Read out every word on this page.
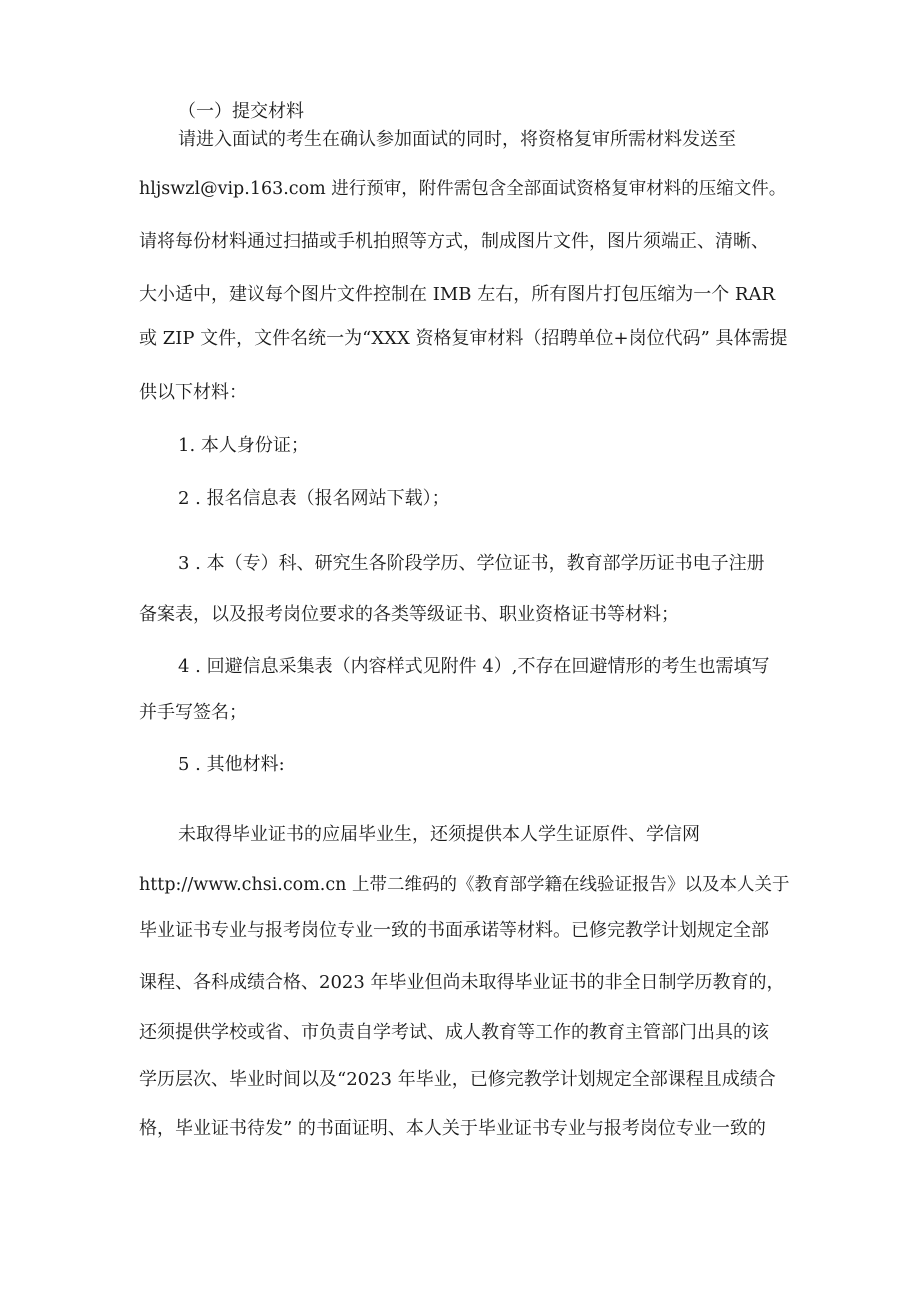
（一）提交材料

请进入面试的考生在确认参加面试的同时，将资格复审所需材料发送至

hljswzl@vip.163.com 进行预审，附件需包含全部面试资格复审材料的压缩文件。

请将每份材料通过扫描或手机拍照等方式，制成图片文件，图片须端正、清晰、

大小适中，建议每个图片文件控制在 IMB 左右，所有图片打包压缩为一个 RAR

或 ZIP 文件，文件名统一为“XXX 资格复审材料（招聘单位+岗位代码” 具体需提

供以下材料：

1. 本人身份证；

2 . 报名信息表（报名网站下载）；

3 . 本（专）科、研究生各阶段学历、学位证书，教育部学历证书电子注册

备案表，以及报考岗位要求的各类等级证书、职业资格证书等材料；

4 . 回避信息采集表（内容样式见附件 4）,不存在回避情形的考生也需填写

并手写签名；

5 . 其他材料:

未取得毕业证书的应届毕业生，还须提供本人学生证原件、学信网

http://www.chsi.com.cn 上带二维码的《教育部学籍在线验证报告》以及本人关于

毕业证书专业与报考岗位专业一致的书面承诺等材料。已修完教学计划规定全部

课程、各科成绩合格、2023 年毕业但尚未取得毕业证书的非全日制学历教育的，

还须提供学校或省、市负责自学考试、成人教育等工作的教育主管部门出具的该

学历层次、毕业时间以及“2023 年毕业，已修完教学计划规定全部课程且成绩合

格，毕业证书待发” 的书面证明、本人关于毕业证书专业与报考岗位专业一致的
